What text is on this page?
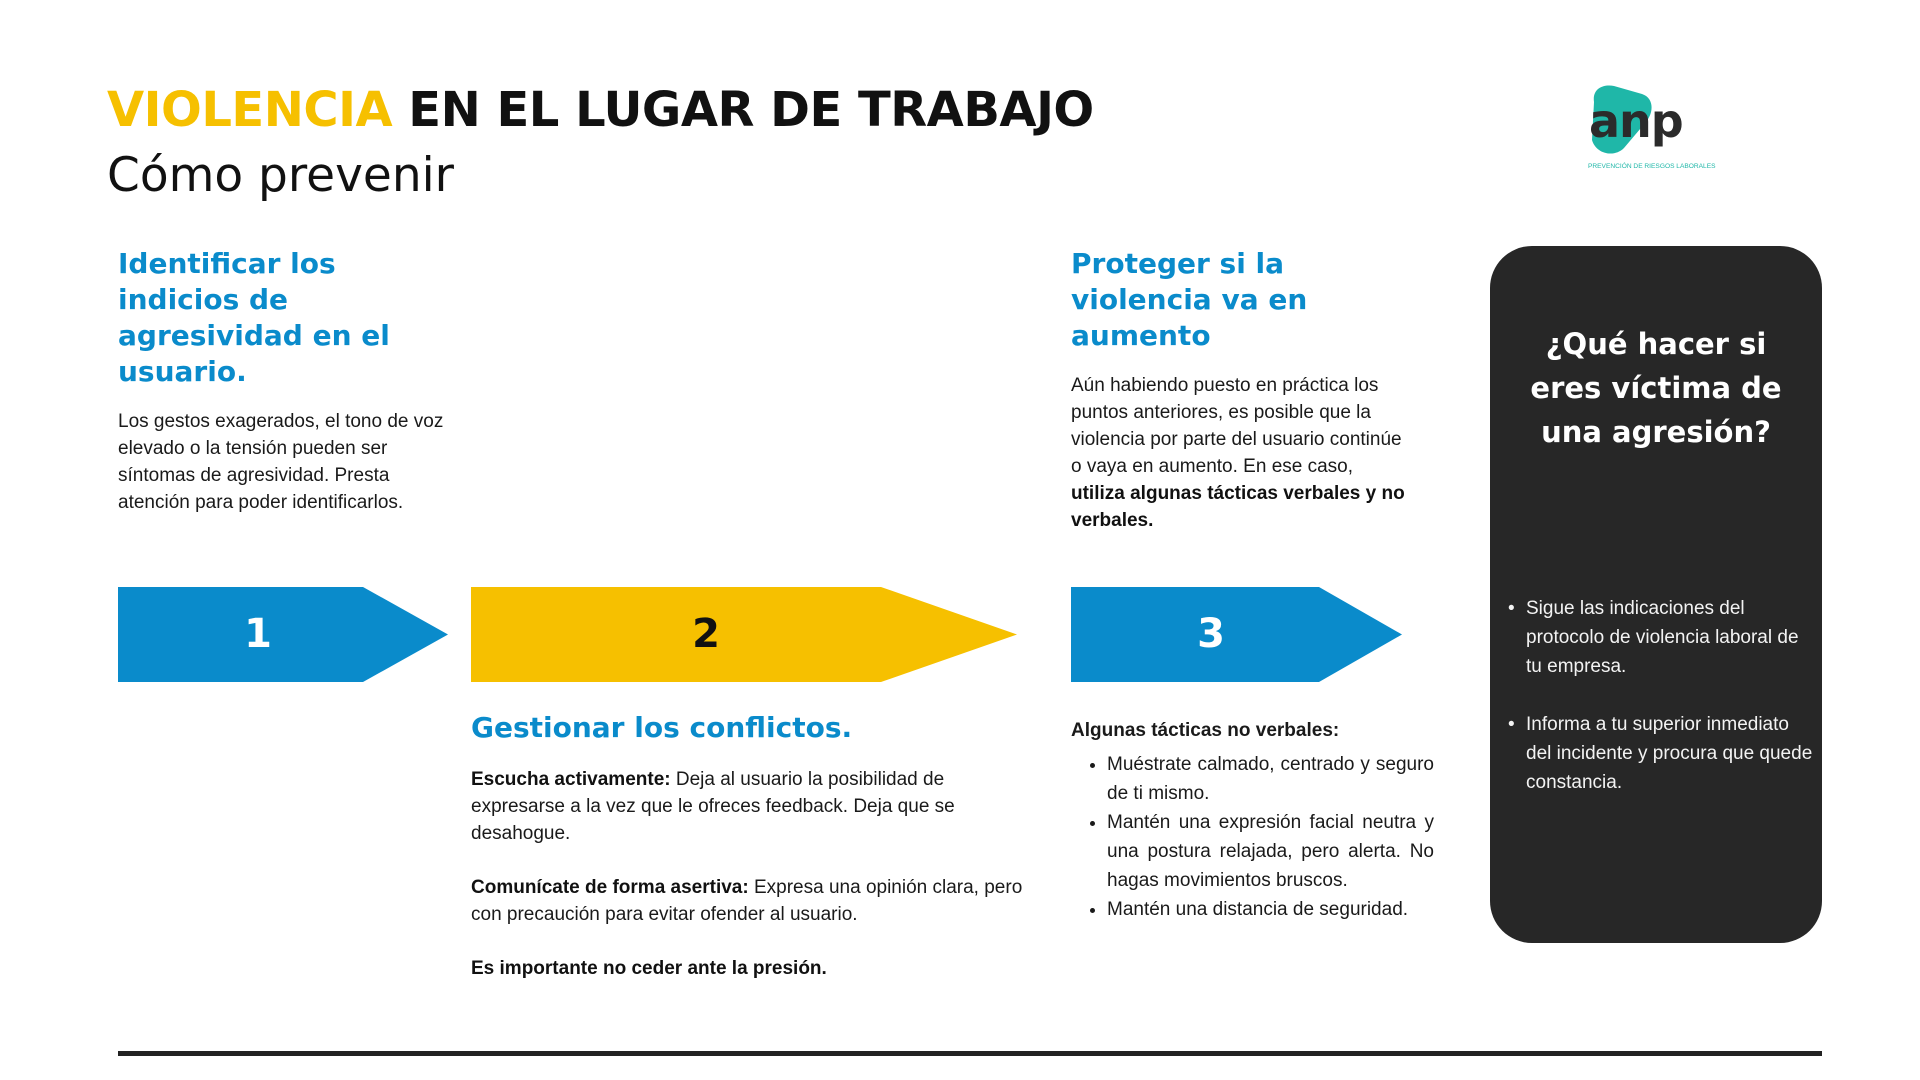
VIOLENCIA EN EL LUGAR DE TRABAJO
Cómo prevenir
anp
PREVENCIÓN DE RIESGOS LABORALES
Identificar los indicios de agresividad en el usuario.

Los gestos exagerados, el tono de voz elevado o la tensión pueden ser síntomas de agresividad. Presta atención para poder identificarlos.

Proteger si la violencia va en aumento

Aún habiendo puesto en práctica los puntos anteriores, es posible que la violencia por parte del usuario continúe o vaya en aumento. En ese caso, utiliza algunas tácticas verbales y no verbales.

1	2	3
Gestionar los conflictos.

Escucha activamente: Deja al usuario la posibilidad de expresarse a la vez que le ofreces feedback. Deja que se desahogue.

Comunícate de forma asertiva: Expresa una opinión clara, pero con precaución para evitar ofender al usuario.

Es importante no ceder ante la presión.

Algunas tácticas no verbales:

• Muéstrate calmado, centrado y seguro de ti mismo.
• Mantén una expresión facial neutra y una postura relajada, pero alerta. No hagas movimientos bruscos.
• Mantén una distancia de seguridad.
¿Qué hacer si eres víctima de una agresión?
• Sigue las indicaciones del protocolo de violencia laboral de tu empresa.
• Informa a tu superior inmediato del incidente y procura que quede constancia.
